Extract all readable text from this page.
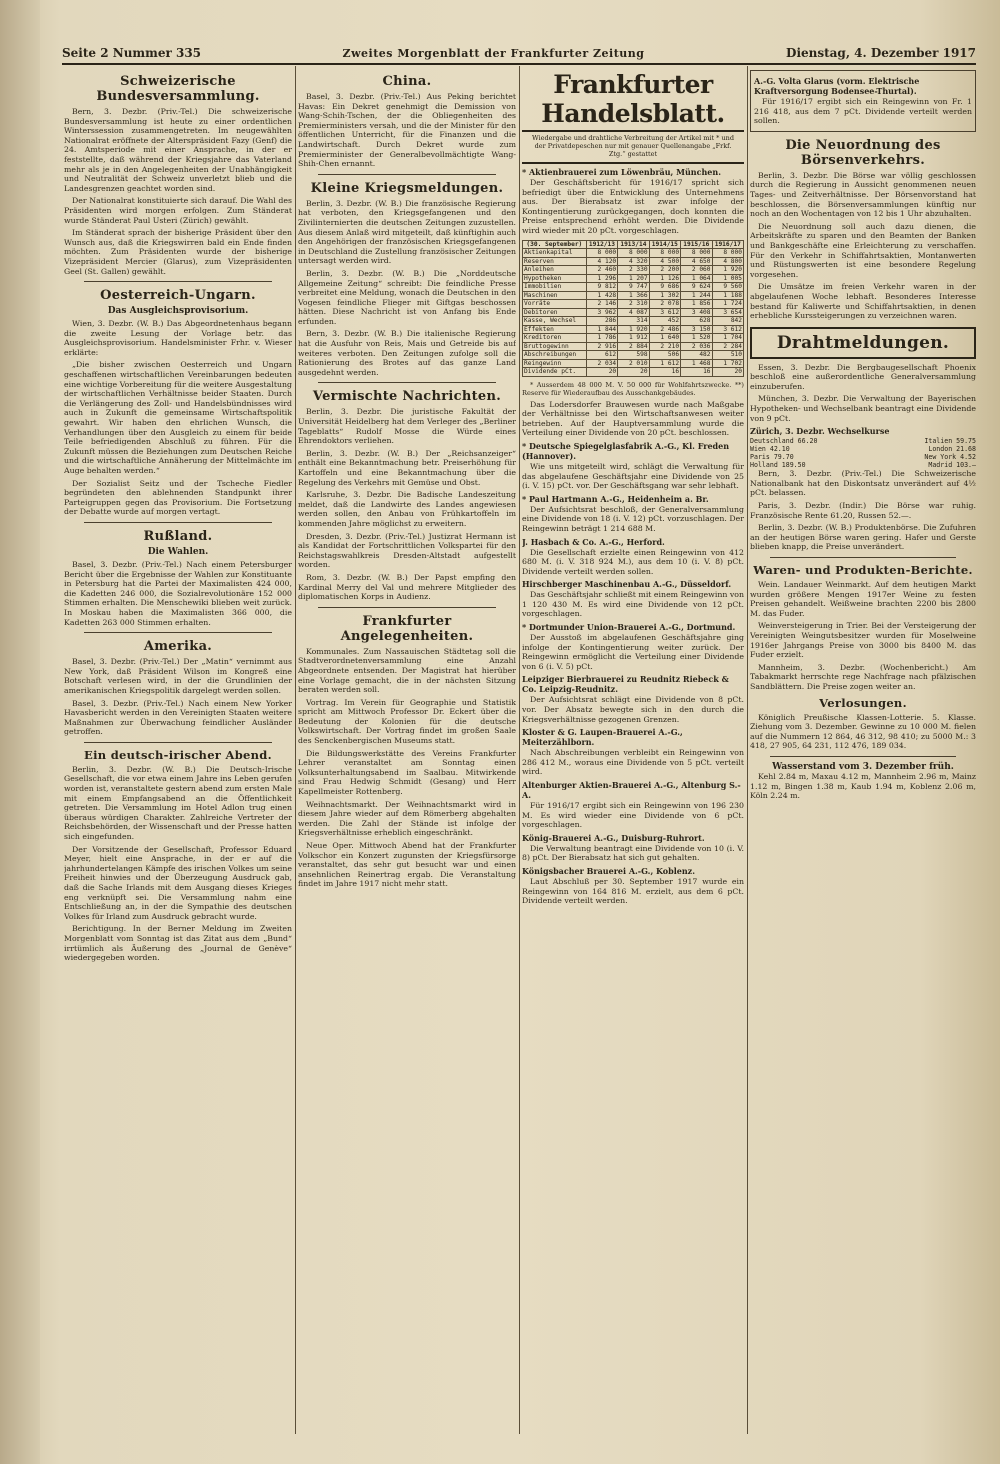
Seite 2 Nummer 335	Zweites Morgenblatt der Frankfurter Zeitung	Dienstag, 4. Dezember 1917
Schweizerische Bundesversammlung.

Bern, 3. Dezbr. (Priv.-Tel.) Die schweizerische Bundesversammlung ist heute zu einer ordentlichen Winterssession zusammengetreten. Im neugewählten Nationalrat eröffnete der Alterspräsident Fazy (Genf) die 24. Amtsperiode mit einer Ansprache, in der er feststellte, daß während der Kriegsjahre das Vaterland mehr als je in den Angelegenheiten der Unabhängigkeit und Neutralität der Schweiz unverletzt blieb und die Landesgrenzen geachtet worden sind.

Der Nationalrat konstituierte sich darauf. Die Wahl des Präsidenten wird morgen erfolgen. Zum Ständerat wurde Ständerat Paul Usteri (Zürich) gewählt.

Im Ständerat sprach der bisherige Präsident über den Wunsch aus, daß die Kriegswirren bald ein Ende finden möchten. Zum Präsidenten wurde der bisherige Vizepräsident Mercier (Glarus), zum Vizepräsidenten Geel (St. Gallen) gewählt.

Oesterreich-Ungarn.
Das Ausgleichsprovisorium.

Wien, 3. Dezbr. (W. B.) Das Abgeordnetenhaus begann die zweite Lesung der Vorlage betr. das Ausgleichsprovisorium. Handelsminister Frhr. v. Wieser erklärte:

„Die bisher zwischen Oesterreich und Ungarn geschaffenen wirtschaftlichen Vereinbarungen bedeuten eine wichtige Vorbereitung für die weitere Ausgestaltung der wirtschaftlichen Verhältnisse beider Staaten. Durch die Verlängerung des Zoll- und Handelsbündnisses wird auch in Zukunft die gemeinsame Wirtschaftspolitik gewahrt. Wir haben den ehrlichen Wunsch, die Verhandlungen über den Ausgleich zu einem für beide Teile befriedigenden Abschluß zu führen. Für die Zukunft müssen die Beziehungen zum Deutschen Reiche und die wirtschaftliche Annäherung der Mittelmächte im Auge behalten werden.“

Der Sozialist Seitz und der Tscheche Fiedler begründeten den ablehnenden Standpunkt ihrer Parteigruppen gegen das Provisorium. Die Fortsetzung der Debatte wurde auf morgen vertagt.

Rußland.
Die Wahlen.

Basel, 3. Dezbr. (Priv.-Tel.) Nach einem Petersburger Bericht über die Ergebnisse der Wahlen zur Konstituante in Petersburg hat die Partei der Maximalisten 424 000, die Kadetten 246 000, die Sozialrevolutionäre 152 000 Stimmen erhalten. Die Menschewiki blieben weit zurück. In Moskau haben die Maximalisten 366 000, die Kadetten 263 000 Stimmen erhalten.

Amerika.

Basel, 3. Dezbr. (Priv.-Tel.) Der „Matin“ vernimmt aus New York, daß Präsident Wilson im Kongreß eine Botschaft verlesen wird, in der die Grundlinien der amerikanischen Kriegspolitik dargelegt werden sollen.

Basel, 3. Dezbr. (Priv.-Tel.) Nach einem New Yorker Havasbericht werden in den Vereinigten Staaten weitere Maßnahmen zur Überwachung feindlicher Ausländer getroffen.

Ein deutsch-irischer Abend.

Berlin, 3. Dezbr. (W. B.) Die Deutsch-Irische Gesellschaft, die vor etwa einem Jahre ins Leben gerufen worden ist, veranstaltete gestern abend zum ersten Male mit einem Empfangsabend an die Öffentlichkeit getreten. Die Versammlung im Hotel Adlon trug einen überaus würdigen Charakter. Zahlreiche Vertreter der Reichsbehörden, der Wissenschaft und der Presse hatten sich eingefunden.

Der Vorsitzende der Gesellschaft, Professor Eduard Meyer, hielt eine Ansprache, in der er auf die jahrhundertelangen Kämpfe des irischen Volkes um seine Freiheit hinwies und der Überzeugung Ausdruck gab, daß die Sache Irlands mit dem Ausgang dieses Krieges eng verknüpft sei. Die Versammlung nahm eine Entschließung an, in der die Sympathie des deutschen Volkes für Irland zum Ausdruck gebracht wurde.

Berichtigung. In der Berner Meldung im Zweiten Morgenblatt vom Sonntag ist das Zitat aus dem „Bund“ irrtümlich als Äußerung des „Journal de Genève“ wiedergegeben worden.

China.

Basel, 3. Dezbr. (Priv.-Tel.) Aus Peking berichtet Havas: Ein Dekret genehmigt die Demission von Wang-Schih-Tschen, der die Obliegenheiten des Premierministers versah, und die der Minister für den öffentlichen Unterricht, für die Finanzen und die Landwirtschaft. Durch Dekret wurde zum Premierminister der Generalbevollmächtigte Wang-Shih-Chen ernannt.

Kleine Kriegsmeldungen.

Berlin, 3. Dezbr. (W. B.) Die französische Regierung hat verboten, den Kriegsgefangenen und den Zivilinternierten die deutschen Zeitungen zuzustellen. Aus diesem Anlaß wird mitgeteilt, daß künftighin auch den Angehörigen der französischen Kriegsgefangenen in Deutschland die Zustellung französischer Zeitungen untersagt werden wird.

Berlin, 3. Dezbr. (W. B.) Die „Norddeutsche Allgemeine Zeitung“ schreibt: Die feindliche Presse verbreitet eine Meldung, wonach die Deutschen in den Vogesen feindliche Flieger mit Giftgas beschossen hätten. Diese Nachricht ist von Anfang bis Ende erfunden.

Bern, 3. Dezbr. (W. B.) Die italienische Regierung hat die Ausfuhr von Reis, Mais und Getreide bis auf weiteres verboten. Den Zeitungen zufolge soll die Rationierung des Brotes auf das ganze Land ausgedehnt werden.

Vermischte Nachrichten.

Berlin, 3. Dezbr. Die juristische Fakultät der Universität Heidelberg hat dem Verleger des „Berliner Tageblatts“ Rudolf Mosse die Würde eines Ehrendoktors verliehen.

Berlin, 3. Dezbr. (W. B.) Der „Reichsanzeiger“ enthält eine Bekanntmachung betr. Preiserhöhung für Kartoffeln und eine Bekanntmachung über die Regelung des Verkehrs mit Gemüse und Obst.

Karlsruhe, 3. Dezbr. Die Badische Landeszeitung meldet, daß die Landwirte des Landes angewiesen werden sollen, den Anbau von Frühkartoffeln im kommenden Jahre möglichst zu erweitern.

Dresden, 3. Dezbr. (Priv.-Tel.) Justizrat Hermann ist als Kandidat der Fortschrittlichen Volkspartei für den Reichstagswahlkreis Dresden-Altstadt aufgestellt worden.

Rom, 3. Dezbr. (W. B.) Der Papst empfing den Kardinal Merry del Val und mehrere Mitglieder des diplomatischen Korps in Audienz.

Frankfurter Angelegenheiten.

Kommunales. Zum Nassauischen Städtetag soll die Stadtverordnetenversammlung eine Anzahl Abgeordnete entsenden. Der Magistrat hat hierüber eine Vorlage gemacht, die in der nächsten Sitzung beraten werden soll.

Vortrag. Im Verein für Geographie und Statistik spricht am Mittwoch Professor Dr. Eckert über die Bedeutung der Kolonien für die deutsche Volkswirtschaft. Der Vortrag findet im großen Saale des Senckenbergischen Museums statt.

Die Bildungswerkstätte des Vereins Frankfurter Lehrer veranstaltet am Sonntag einen Volksunterhaltungsabend im Saalbau. Mitwirkende sind Frau Hedwig Schmidt (Gesang) und Herr Kapellmeister Rottenberg.

Weihnachtsmarkt. Der Weihnachtsmarkt wird in diesem Jahre wieder auf dem Römerberg abgehalten werden. Die Zahl der Stände ist infolge der Kriegsverhältnisse erheblich eingeschränkt.

Neue Oper. Mittwoch Abend hat der Frankfurter Volkschor ein Konzert zugunsten der Kriegsfürsorge veranstaltet, das sehr gut besucht war und einen ansehnlichen Reinertrag ergab. Die Veranstaltung findet im Jahre 1917 nicht mehr statt.

Frankfurter Handelsblatt.
Wiedergabe und drahtliche Verbreitung der Artikel mit * und der Privatdepeschen nur mit genauer Quellenangabe „Frkf. Ztg.“ gestattet
* Aktienbrauerei zum Löwenbräu, München.

Der Geschäftsbericht für 1916/17 spricht sich befriedigt über die Entwicklung des Unternehmens aus. Der Bierabsatz ist zwar infolge der Kontingentierung zurückgegangen, doch konnten die Preise entsprechend erhöht werden. Die Dividende wird wieder mit 20 pCt. vorgeschlagen.

(30. September)	1912/13	1913/14	1914/15	1915/16	1916/17
Aktienkapital	8 000	8 000	8 000	8 000	8 000
Reserven	4 120	4 320	4 500	4 650	4 800
Anleihen	2 460	2 330	2 200	2 060	1 920
Hypotheken	1 296	1 207	1 126	1 064	1 005
Immobilien	9 812	9 747	9 686	9 624	9 560
Maschinen	1 428	1 366	1 302	1 244	1 188
Vorräte	2 146	2 310	2 078	1 856	1 724
Debitoren	3 962	4 087	3 612	3 408	3 654
Kasse, Wechsel	286	314	452	628	842
Effekten	1 844	1 920	2 486	3 150	3 612
Kreditoren	1 786	1 912	1 640	1 520	1 704
Bruttogewinn	2 916	2 884	2 210	2 036	2 284
Abschreibungen	612	598	506	482	510
Reingewinn	2 034	2 010	1 612	1 468	1 702
Dividende pCt.	20	20	16	16	20

* Ausserdem 48 000 M. V. 50 000 für Wohlfahrtszwecke. **) Reserve für Wiederaufbau des Ausschankgebäudes.

Das Lodersdorfer Brauwesen wurde nach Maßgabe der Verhältnisse bei den Wirtschaftsanwesen weiter betrieben. Auf der Hauptversammlung wurde die Verteilung einer Dividende von 20 pCt. beschlossen.

* Deutsche Spiegelglasfabrik A.-G., Kl. Freden (Hannover).

Wie uns mitgeteilt wird, schlägt die Verwaltung für das abgelaufene Geschäftsjahr eine Dividende von 25 (i. V. 15) pCt. vor. Der Geschäftsgang war sehr lebhaft.

* Paul Hartmann A.-G., Heidenheim a. Br.

Der Aufsichtsrat beschloß, der Generalversammlung eine Dividende von 18 (i. V. 12) pCt. vorzuschlagen. Der Reingewinn beträgt 1 214 688 M.

J. Hasbach & Co. A.-G., Herford.

Die Gesellschaft erzielte einen Reingewinn von 412 680 M. (i. V. 318 924 M.), aus dem 10 (i. V. 8) pCt. Dividende verteilt werden sollen.

Hirschberger Maschinenbau A.-G., Düsseldorf.

Das Geschäftsjahr schließt mit einem Reingewinn von 1 120 430 M. Es wird eine Dividende von 12 pCt. vorgeschlagen.

* Dortmunder Union-Brauerei A.-G., Dortmund.

Der Ausstoß im abgelaufenen Geschäftsjahre ging infolge der Kontingentierung weiter zurück. Der Reingewinn ermöglicht die Verteilung einer Dividende von 6 (i. V. 5) pCt.

Leipziger Bierbrauerei zu Reudnitz Riebeck & Co. Leipzig-Reudnitz.

Der Aufsichtsrat schlägt eine Dividende von 8 pCt. vor. Der Absatz bewegte sich in den durch die Kriegsverhältnisse gezogenen Grenzen.

Kloster & G. Laupen-Brauerei A.-G., Meiterzählborn.

Nach Abschreibungen verbleibt ein Reingewinn von 286 412 M., woraus eine Dividende von 5 pCt. verteilt wird.

Altenburger Aktien-Brauerei A.-G., Altenburg S.-A.

Für 1916/17 ergibt sich ein Reingewinn von 196 230 M. Es wird wieder eine Dividende von 6 pCt. vorgeschlagen.

König-Brauerei A.-G., Duisburg-Ruhrort.

Die Verwaltung beantragt eine Dividende von 10 (i. V. 8) pCt. Der Bierabsatz hat sich gut gehalten.

Königsbacher Brauerei A.-G., Koblenz.

Laut Abschluß per 30. September 1917 wurde ein Reingewinn von 164 816 M. erzielt, aus dem 6 pCt. Dividende verteilt werden.

A.-G. Volta Glarus (vorm. Elektrische Kraftversorgung Bodensee-Thurtal).

Für 1916/17 ergibt sich ein Reingewinn von Fr. 1 216 418, aus dem 7 pCt. Dividende verteilt werden sollen.

Die Neuordnung des Börsenverkehrs.

Berlin, 3. Dezbr. Die Börse war völlig geschlossen durch die Regierung in Aussicht genommenen neuen Tages- und Zeitverhältnisse. Der Börsenvorstand hat beschlossen, die Börsenversammlungen künftig nur noch an den Wochentagen von 12 bis 1 Uhr abzuhalten.

Die Neuordnung soll auch dazu dienen, die Arbeitskräfte zu sparen und den Beamten der Banken und Bankgeschäfte eine Erleichterung zu verschaffen. Für den Verkehr in Schiffahrtsaktien, Montanwerten und Rüstungswerten ist eine besondere Regelung vorgesehen.

Die Umsätze im freien Verkehr waren in der abgelaufenen Woche lebhaft. Besonderes Interesse bestand für Kaliwerte und Schiffahrtsaktien, in denen erhebliche Kurssteigerungen zu verzeichnen waren.

Drahtmeldungen.

Essen, 3. Dezbr. Die Bergbaugesellschaft Phoenix beschloß eine außerordentliche Generalversammlung einzuberufen.

München, 3. Dezbr. Die Verwaltung der Bayerischen Hypotheken- und Wechselbank beantragt eine Dividende von 9 pCt.

Zürich, 3. Dezbr. Wechselkurse
Deutschland 66.20	Italien 59.75
Wien 42.10	London 21.68
Paris 79.70	New York 4.52
Holland 189.50	Madrid 103.—

Bern, 3. Dezbr. (Priv.-Tel.) Die Schweizerische Nationalbank hat den Diskontsatz unverändert auf 4½ pCt. belassen.

Paris, 3. Dezbr. (Indir.) Die Börse war ruhig. Französische Rente 61.20, Russen 52.—.

Berlin, 3. Dezbr. (W. B.) Produktenbörse. Die Zufuhren an der heutigen Börse waren gering. Hafer und Gerste blieben knapp, die Preise unverändert.

Waren- und Produkten-Berichte.

Wein. Landauer Weinmarkt. Auf dem heutigen Markt wurden größere Mengen 1917er Weine zu festen Preisen gehandelt. Weißweine brachten 2200 bis 2800 M. das Fuder.

Weinversteigerung in Trier. Bei der Versteigerung der Vereinigten Weingutsbesitzer wurden für Moselweine 1916er Jahrgangs Preise von 3000 bis 8400 M. das Fuder erzielt.

Mannheim, 3. Dezbr. (Wochenbericht.) Am Tabakmarkt herrschte rege Nachfrage nach pfälzischen Sandblättern. Die Preise zogen weiter an.

Verlosungen.

Königlich Preußische Klassen-Lotterie. 5. Klasse. Ziehung vom 3. Dezember. Gewinne zu 10 000 M. fielen auf die Nummern 12 864, 46 312, 98 410; zu 5000 M.: 3 418, 27 905, 64 231, 112 476, 189 034.

Wasserstand vom 3. Dezember früh.

Kehl 2.84 m, Maxau 4.12 m, Mannheim 2.96 m, Mainz 1.12 m, Bingen 1.38 m, Kaub 1.94 m, Koblenz 2.06 m, Köln 2.24 m.
